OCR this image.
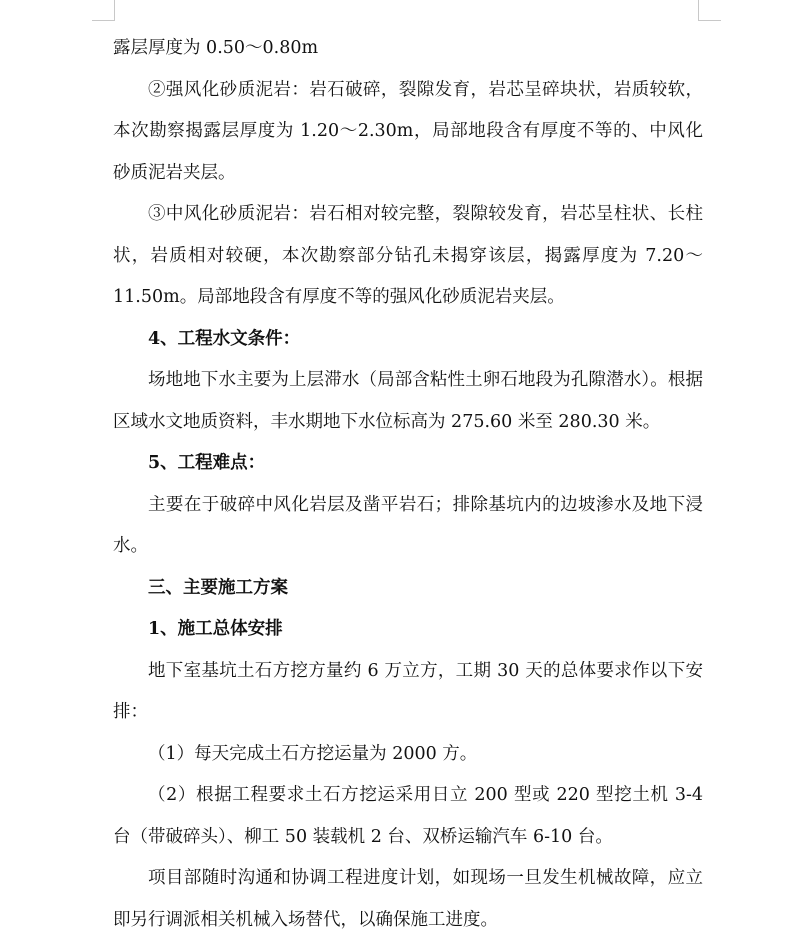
露层厚度为 0.50～0.80m

②强风化砂质泥岩：岩石破碎，裂隙发育，岩芯呈碎块状，岩质较软，本次勘察揭露层厚度为 1.20～2.30m，局部地段含有厚度不等的、中风化砂质泥岩夹层。

③中风化砂质泥岩：岩石相对较完整，裂隙较发育，岩芯呈柱状、长柱状，岩质相对较硬，本次勘察部分钻孔未揭穿该层，揭露厚度为 7.20～11.50m。局部地段含有厚度不等的强风化砂质泥岩夹层。

4、工程水文条件：

场地地下水主要为上层滞水（局部含粘性土卵石地段为孔隙潜水）。根据区域水文地质资料，丰水期地下水位标高为 275.60 米至 280.30 米。

5、工程难点：

主要在于破碎中风化岩层及凿平岩石；排除基坑内的边坡渗水及地下浸水。

三、主要施工方案

1、施工总体安排

地下室基坑土石方挖方量约 6 万立方，工期 30 天的总体要求作以下安排：

（1）每天完成土石方挖运量为 2000 方。

（2）根据工程要求土石方挖运采用日立 200 型或 220 型挖土机 3-4 台（带破碎头）、柳工 50 装载机 2 台、双桥运输汽车 6-10 台。

项目部随时沟通和协调工程进度计划，如现场一旦发生机械故障，应立即另行调派相关机械入场替代，以确保施工进度。
